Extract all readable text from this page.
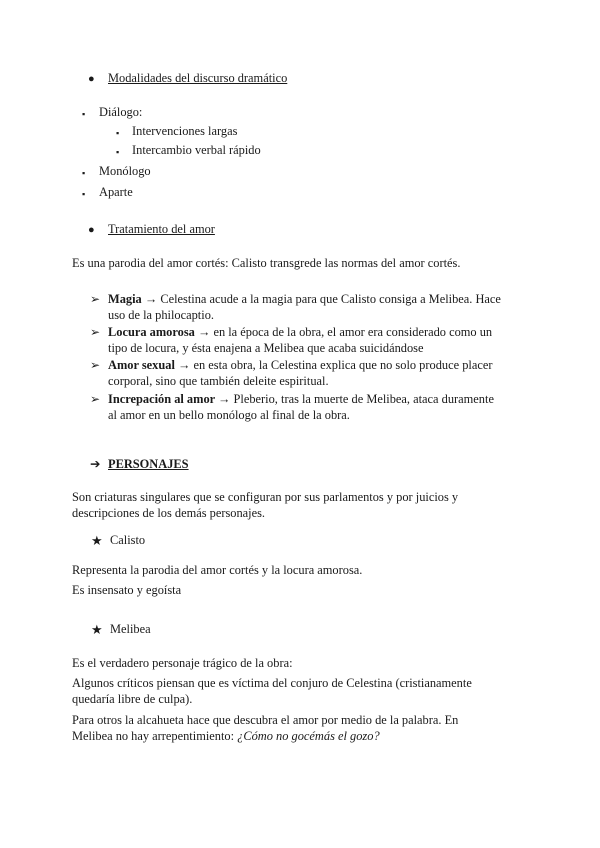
● Modalidades del discurso dramático
▪ Diálogo:
▪ Intervenciones largas
▪ Intercambio verbal rápido
▪ Monólogo
▪ Aparte
● Tratamiento del amor
Es una parodia del amor cortés: Calisto transgrede las normas del amor cortés.
➢ Magia → Celestina acude a la magia para que Calisto consiga a Melibea. Hace
uso de la philocaptio.
➢ Locura amorosa → en la época de la obra, el amor era considerado como un
tipo de locura, y ésta enajena a Melibea que acaba suicidándose
➢ Amor sexual → en esta obra, la Celestina explica que no solo produce placer
corporal, sino que también deleite espiritual.
➢ Increpación al amor → Pleberio, tras la muerte de Melibea, ataca duramente
al amor en un bello monólogo al final de la obra.
➔ PERSONAJES
Son criaturas singulares que se configuran por sus parlamentos y por juicios y
descripciones de los demás personajes.
★ Calisto
Representa la parodia del amor cortés y la locura amorosa.
Es insensato y egoísta
★ Melibea
Es el verdadero personaje trágico de la obra:
Algunos críticos piensan que es víctima del conjuro de Celestina (cristianamente
quedaría libre de culpa).
Para otros la alcahueta hace que descubra el amor por medio de la palabra. En
Melibea no hay arrepentimiento: ¿Cómo no gocémás el gozo?
